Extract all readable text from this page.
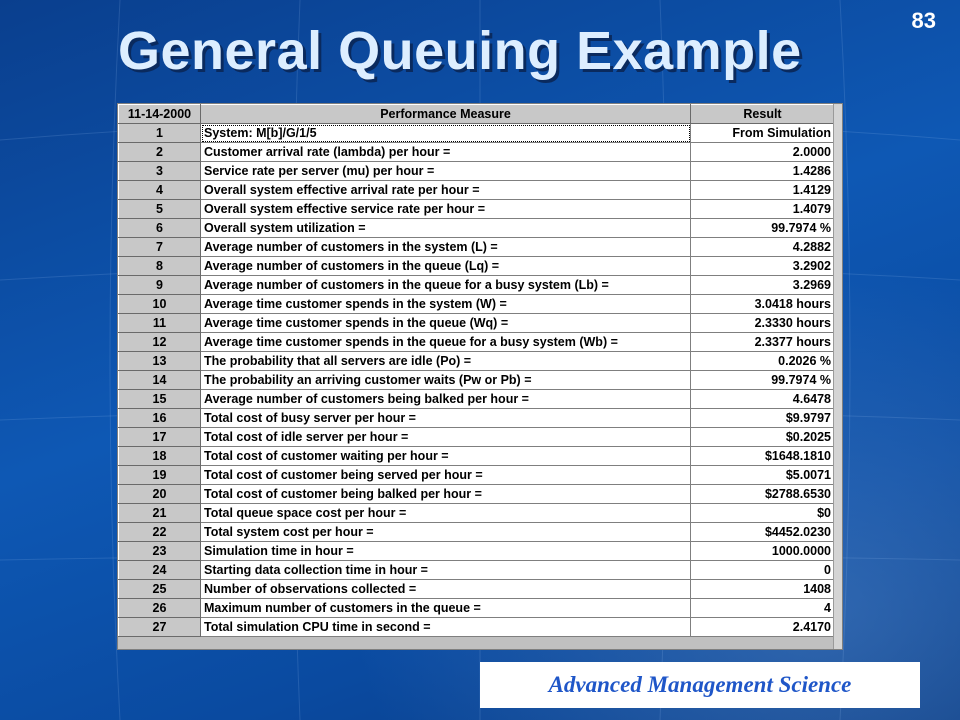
83
General Queuing Example
11-14-2000	Performance Measure	Result
1	System: M[b]/G/1/5	From Simulation
2	Customer arrival rate (lambda) per hour =	2.0000
3	Service rate per server (mu) per hour =	1.4286
4	Overall system effective arrival rate per hour =	1.4129
5	Overall system effective service rate per hour =	1.4079
6	Overall system utilization =	99.7974 %
7	Average number of customers in the system (L) =	4.2882
8	Average number of customers in the queue (Lq) =	3.2902
9	Average number of customers in the queue for a busy system (Lb) =	3.2969
10	Average time customer spends in the system (W) =	3.0418 hours
11	Average time customer spends in the queue (Wq) =	2.3330 hours
12	Average time customer spends in the queue for a busy system (Wb) =	2.3377 hours
13	The probability that all servers are idle (Po) =	0.2026 %
14	The probability an arriving customer waits (Pw or Pb) =	99.7974 %
15	Average number of customers being balked per hour =	4.6478
16	Total cost of busy server per hour =	$9.9797
17	Total cost of idle server per hour =	$0.2025
18	Total cost of customer waiting per hour =	$1648.1810
19	Total cost of customer being served per hour =	$5.0071
20	Total cost of customer being balked per hour =	$2788.6530
21	Total queue space cost per hour =	$0
22	Total system cost per hour =	$4452.0230
23	Simulation time in hour =	1000.0000
24	Starting data collection time in hour =	0
25	Number of observations collected =	1408
26	Maximum number of customers in the queue =	4
27	Total simulation CPU time in second =	2.4170
Advanced Management Science
